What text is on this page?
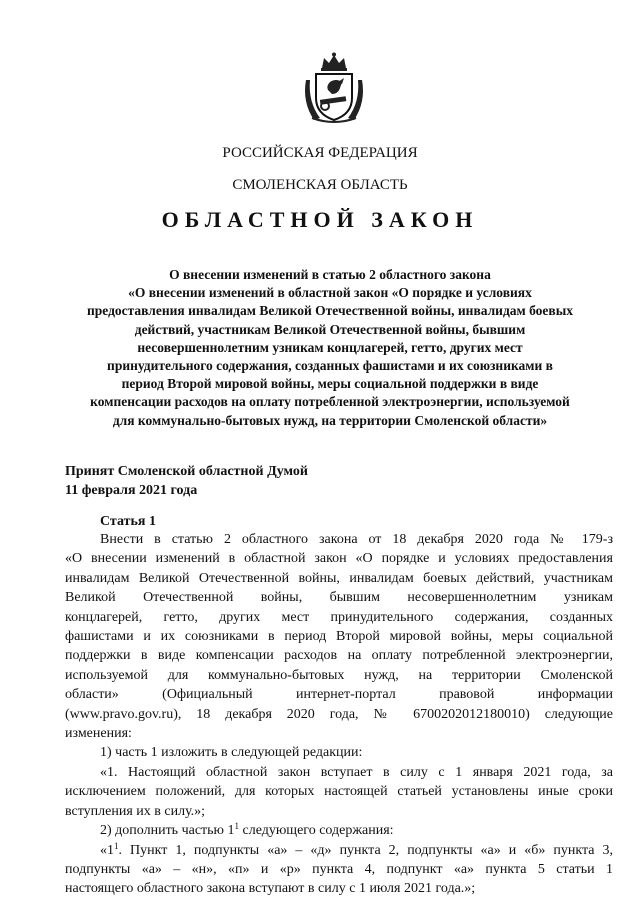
РОССИЙСКАЯ ФЕДЕРАЦИЯ
СМОЛЕНСКАЯ ОБЛАСТЬ
ОБЛАСТНОЙ ЗАКОН
О внесении изменений в статью 2 областного закона
«О внесении изменений в областной закон «О порядке и условиях
предоставления инвалидам Великой Отечественной войны, инвалидам боевых
действий, участникам Великой Отечественной войны, бывшим
несовершеннолетним узникам концлагерей, гетто, других мест
принудительного содержания, созданных фашистами и их союзниками в
период Второй мировой войны, меры социальной поддержки в виде
компенсации расходов на оплату потребленной электроэнергии, используемой
для коммунально-бытовых нужд, на территории Смоленской области»
Принят Смоленской областной Думой
11 февраля 2021 года
Статья 1
Внести в статью 2 областного закона от 18 декабря 2020 года № 179-з
«О внесении изменений в областной закон «О порядке и условиях предоставления
инвалидам Великой Отечественной войны, инвалидам боевых действий, участникам
Великой Отечественной войны, бывшим несовершеннолетним узникам
концлагерей, гетто, других мест принудительного содержания, созданных
фашистами и их союзниками в период Второй мировой войны, меры социальной
поддержки в виде компенсации расходов на оплату потребленной электроэнергии,
используемой для коммунально-бытовых нужд, на территории Смоленской
области» (Официальный интернет-портал правовой информации
(www.pravo.gov.ru), 18 декабря 2020 года, № 6700202012180010) следующие
изменения:
1) часть 1 изложить в следующей редакции:
«1. Настоящий областной закон вступает в силу с 1 января 2021 года, за
исключением положений, для которых настоящей статьей установлены иные сроки
вступления их в силу.»;
2) дополнить частью $1^1$ следующего содержания:
«$1^1$. Пункт 1, подпункты «а» – «д» пункта 2, подпункты «а» и «б» пункта 3,
подпункты «а» – «н», «п» и «р» пункта 4, подпункт «а» пункта 5 статьи 1
настоящего областного закона вступают в силу с 1 июля 2021 года.»;
